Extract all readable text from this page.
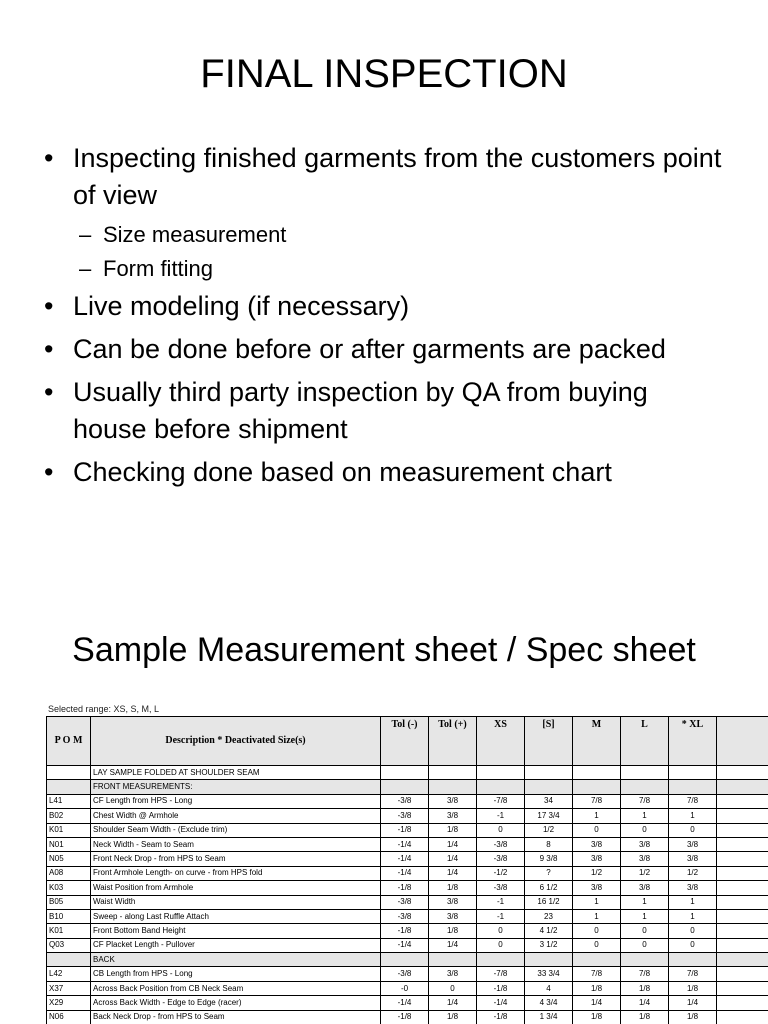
FINAL INSPECTION
• Inspecting finished garments from the customers point of view
– Size measurement
– Form fitting
• Live modeling (if necessary)
• Can be done before or after garments are packed
• Usually third party inspection by QA from buying house before shipment
• Checking done based on measurement chart
Sample Measurement sheet / Spec sheet
Selected range: XS, S, M, L
P O M	Description * Deactivated Size(s)	Tol (-)	Tol (+)	XS	[S]	M	L	* XL	
	LAY SAMPLE FOLDED AT SHOULDER SEAM								
	FRONT MEASUREMENTS:								
L41	CF Length from HPS - Long	-3/8	3/8	-7/8	34	7/8	7/8	7/8	
B02	Chest Width @ Armhole	-3/8	3/8	-1	17 3/4	1	1	1	
K01	Shoulder Seam Width - (Exclude trim)	-1/8	1/8	0	1/2	0	0	0	
N01	Neck Width - Seam to Seam	-1/4	1/4	-3/8	8	3/8	3/8	3/8	
N05	Front Neck Drop - from HPS to Seam	-1/4	1/4	-3/8	9 3/8	3/8	3/8	3/8	
A08	Front Armhole Length- on curve - from HPS fold	-1/4	1/4	-1/2	?	1/2	1/2	1/2	
K03	Waist Position from Armhole	-1/8	1/8	-3/8	6 1/2	3/8	3/8	3/8	
B05	Waist Width	-3/8	3/8	-1	16 1/2	1	1	1	
B10	Sweep - along Last Ruffle Attach	-3/8	3/8	-1	23	1	1	1	
K01	Front Bottom Band Height	-1/8	1/8	0	4 1/2	0	0	0	
Q03	CF Placket Length - Pullover	-1/4	1/4	0	3 1/2	0	0	0	
	BACK								
L42	CB Length from HPS - Long	-3/8	3/8	-7/8	33 3/4	7/8	7/8	7/8	
X37	Across Back Position from CB Neck Seam	-0	0	-1/8	4	1/8	1/8	1/8	
X29	Across Back Width - Edge to Edge (racer)	-1/4	1/4	-1/4	4 3/4	1/4	1/4	1/4	
N06	Back Neck Drop - from HPS to Seam	-1/8	1/8	-1/8	1 3/4	1/8	1/8	1/8	
